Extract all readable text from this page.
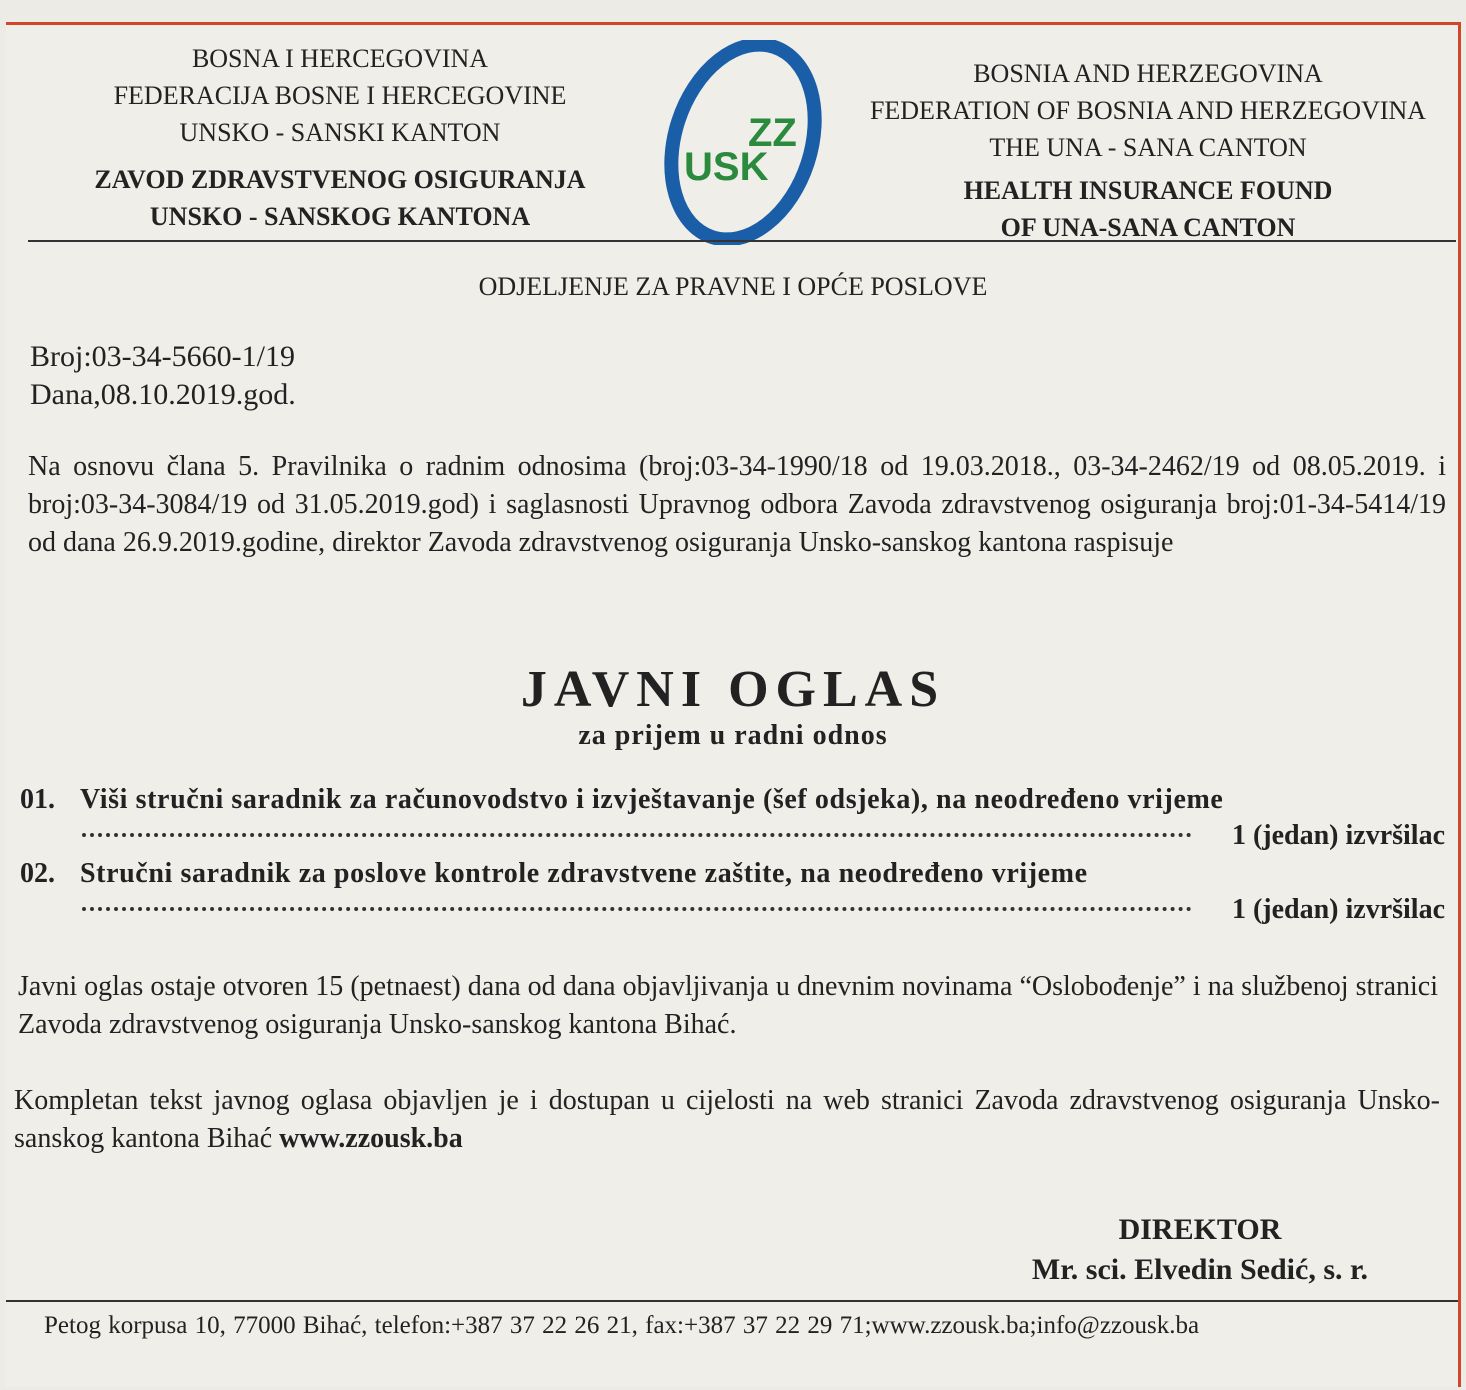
BOSNA I HERCEGOVINA
FEDERACIJA BOSNE I HERCEGOVINE
UNSKO - SANSKI KANTON
ZAVOD ZDRAVSTVENOG OSIGURANJA
UNSKO - SANSKOG KANTONA
ZZ
USK
BOSNIA AND HERZEGOVINA
FEDERATION OF BOSNIA AND HERZEGOVINA
THE UNA - SANA CANTON
HEALTH INSURANCE FOUND
OF UNA-SANA CANTON
ODJELJENJE ZA PRAVNE I OPĆE POSLOVE
Broj:03-34-5660-1/19
Dana,08.10.2019.god.
Na osnovu člana 5. Pravilnika o radnim odnosima (broj:03-34-1990/18 od 19.03.2018., 03-34-2462/19 od 08.05.2019. i broj:03-34-3084/19 od 31.05.2019.god) i saglasnosti Upravnog odbora Zavoda zdravstvenog osiguranja broj:01-34-5414/19 od dana 26.9.2019.godine, direktor Zavoda zdravstvenog osiguranja Unsko-sanskog kantona raspisuje
JAVNI OGLAS
za prijem u radni odnos
01. Viši stručni saradnik za računovodstvo i izvještavanje (šef odsjeka), na neodređeno vrijeme
1 (jedan) izvršilac
02. Stručni saradnik za poslove kontrole zdravstvene zaštite, na neodređeno vrijeme
1 (jedan) izvršilac
Javni oglas ostaje otvoren 15 (petnaest) dana od dana objavljivanja u dnevnim novinama “Oslobođenje” i na službenoj stranici Zavoda zdravstvenog osiguranja Unsko-sanskog kantona Bihać.
Kompletan tekst javnog oglasa objavljen je i dostupan u cijelosti na web stranici Zavoda zdravstvenog osiguranja Unsko-sanskog kantona Bihać www.zzousk.ba
DIREKTOR
Mr. sci. Elvedin Sedić, s. r.
Petog korpusa 10, 77000 Bihać, telefon:+387 37 22 26 21, fax:+387 37 22 29 71;www.zzousk.ba;info@zzousk.ba
